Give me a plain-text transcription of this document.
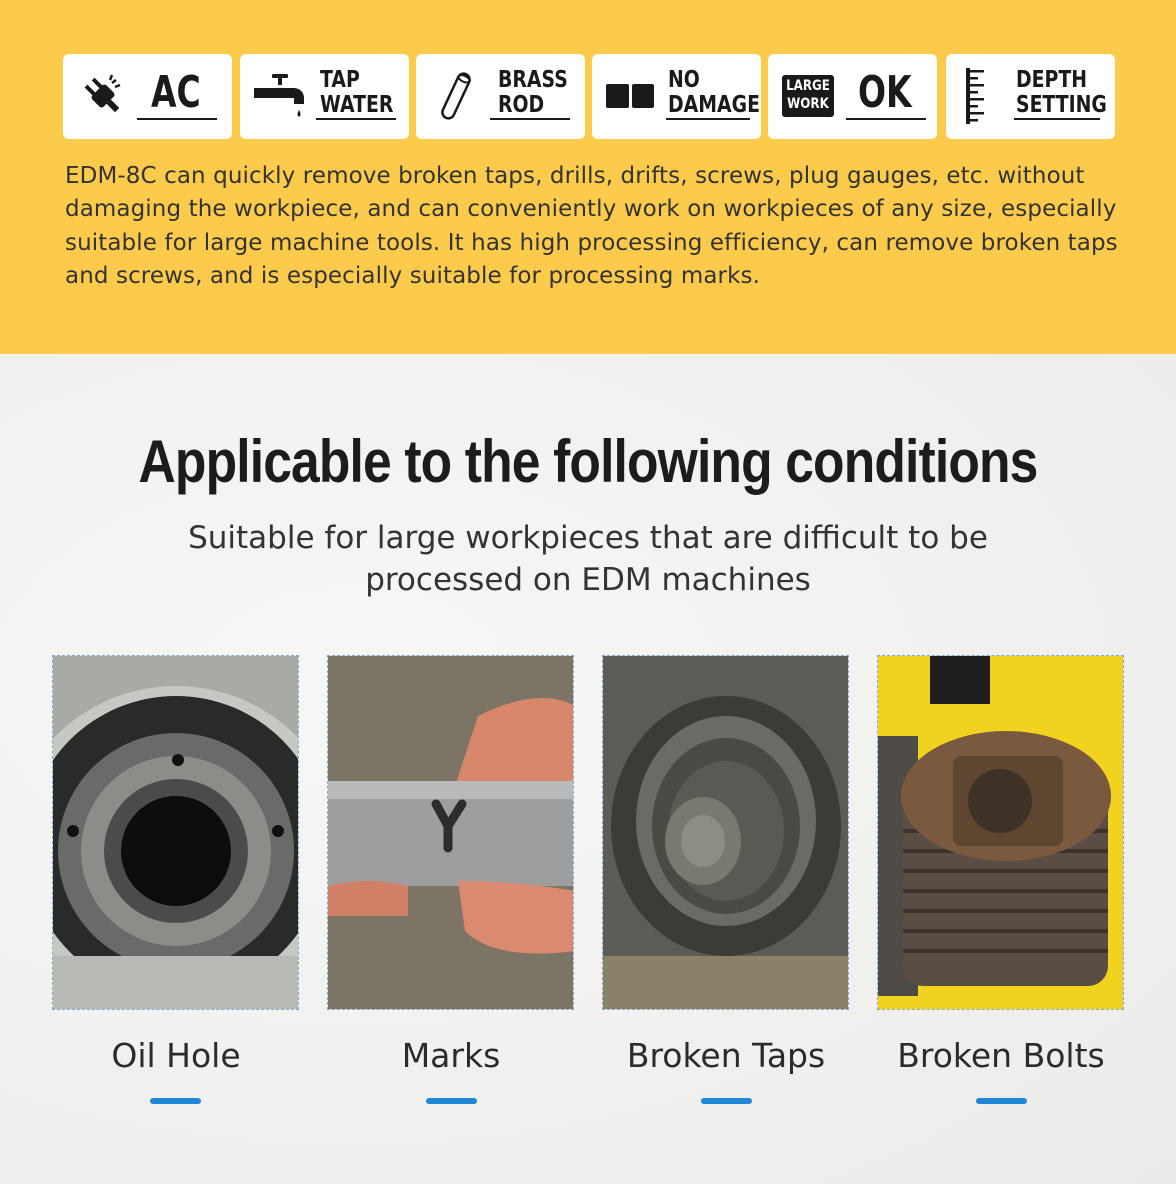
AC	TAP
WATER
BRASS
ROD
NO
DAMAGE
LARGE
WORK OK	DEPTH
SETTING
EDM-8C can quickly remove broken taps, drills, drifts, screws, plug gauges, etc. without damaging the workpiece, and can conveniently work on workpieces of any size, especially suitable for large machine tools. It has high processing efficiency, can remove broken taps and screws, and is especially suitable for processing marks.
Applicable to the following conditions
Suitable for large workpieces that are difficult to be
processed on EDM machines
Oil Hole	Marks	Broken Taps	Broken Bolts
